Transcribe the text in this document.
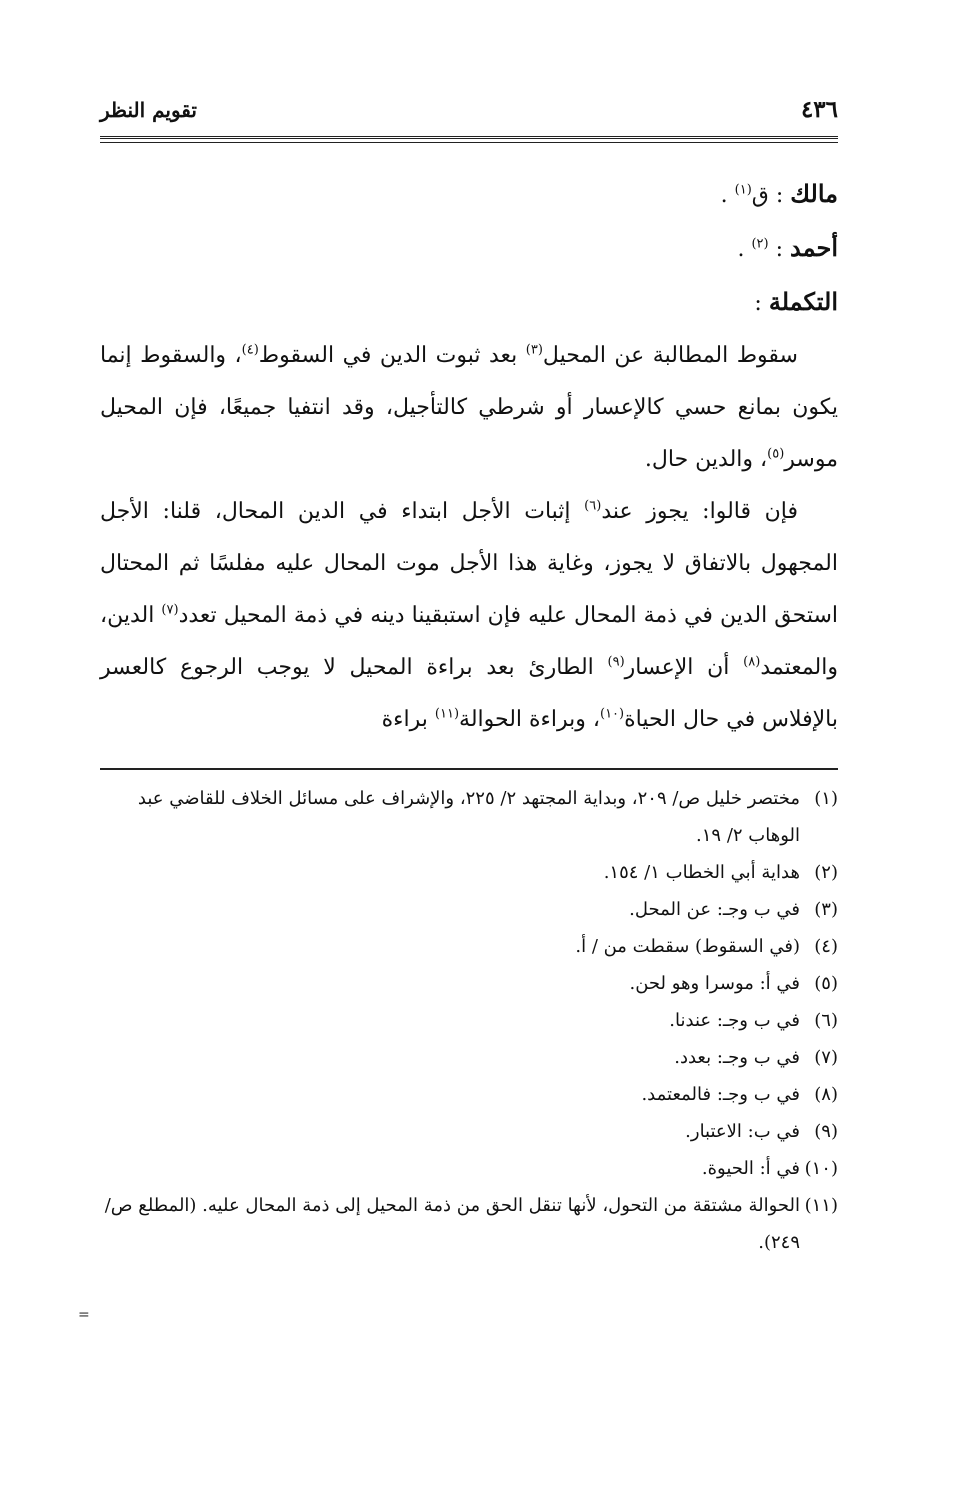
٤٣٦
تقويم النظر

مالك : ق$^{(١)}$ .

أحمد : $^{(٢)}$ .

التكملة :

سقوط المطالبة عن المحيل$^{(٣)}$ بعد ثبوت الدين في السقوط$^{(٤)}$، والسقوط إنما يكون بمانع حسي كالإعسار أو شرطي كالتأجيل، وقد انتفيا جميعًا، فإن المحيل موسر$^{(٥)}$، والدين حال.

فإن قالوا: يجوز عند$^{(٦)}$ إثبات الأجل ابتداء في الدين المحال، قلنا: الأجل المجهول بالاتفاق لا يجوز، وغاية هذا الأجل موت المحال عليه مفلسًا ثم المحتال استحق الدين في ذمة المحال عليه فإن استبقينا دينه في ذمة المحيل تعدد$^{(٧)}$ الدين، والمعتمد$^{(٨)}$ أن الإعسار$^{(٩)}$ الطارئ بعد براءة المحيل لا يوجب الرجوع كالعسر بالإفلاس في حال الحياة$^{(١٠)}$، وبراءة الحوالة$^{(١١)}$ براءة

(١)مختصر خليل ص/ ٢٠٩، وبداية المجتهد ٢/ ٢٢٥، والإشراف على مسائل الخلاف للقاضي عبد الوهاب ٢/ ١٩.

(٢)هداية أبي الخطاب ١/ ١٥٤.

(٣)في ب وجـ: عن المحل.

(٤)(في السقوط) سقطت من / أ.

(٥)في أ: موسرا وهو لحن.

(٦)في ب وجـ: عندنا.

(٧)في ب وجـ: بعدد.

(٨)في ب وجـ: فالمعتمد.

(٩)في ب: الاعتبار.

(١٠)في أ: الحيوة.

(١١)الحوالة مشتقة من التحول، لأنها تنقل الحق من ذمة المحيل إلى ذمة المحال عليه. (المطلع ص/ ٢٤٩).

=
